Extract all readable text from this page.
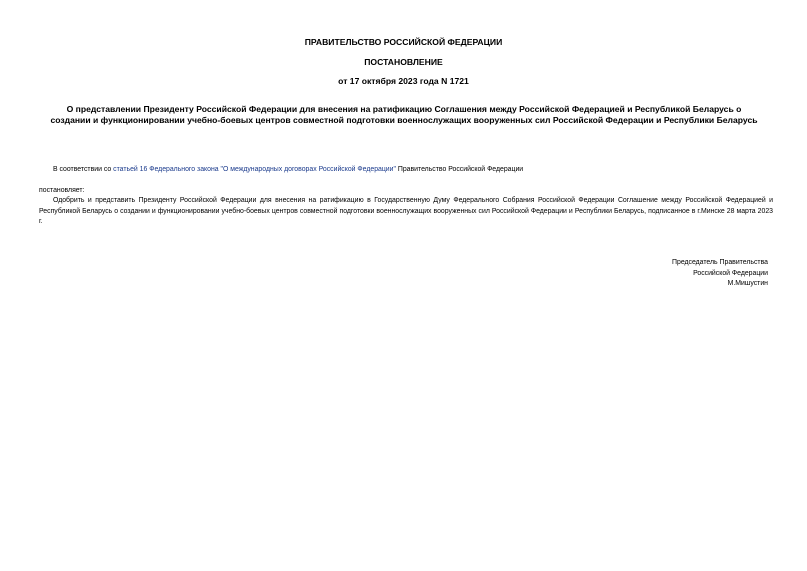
ПРАВИТЕЛЬСТВО РОССИЙСКОЙ ФЕДЕРАЦИИ
ПОСТАНОВЛЕНИЕ
от 17 октября 2023 года N 1721
О представлении Президенту Российской Федерации для внесения на ратификацию Соглашения между Российской Федерацией и Республикой Беларусь о создании и функционировании учебно-боевых центров совместной подготовки военнослужащих вооруженных сил Российской Федерации и Республики Беларусь
В соответствии со статьей 16 Федерального закона "О международных договорах Российской Федерации" Правительство Российской Федерации
постановляет:
Одобрить и представить Президенту Российской Федерации для внесения на ратификацию в Государственную Думу Федерального Собрания Российской Федерации Соглашение между Российской Федерацией и Республикой Беларусь о создании и функционировании учебно-боевых центров совместной подготовки военнослужащих вооруженных сил Российской Федерации и Республики Беларусь, подписанное в г.Минске 28 марта 2023 г.
Председатель Правительства
Российской Федерации
М.Мишустин
